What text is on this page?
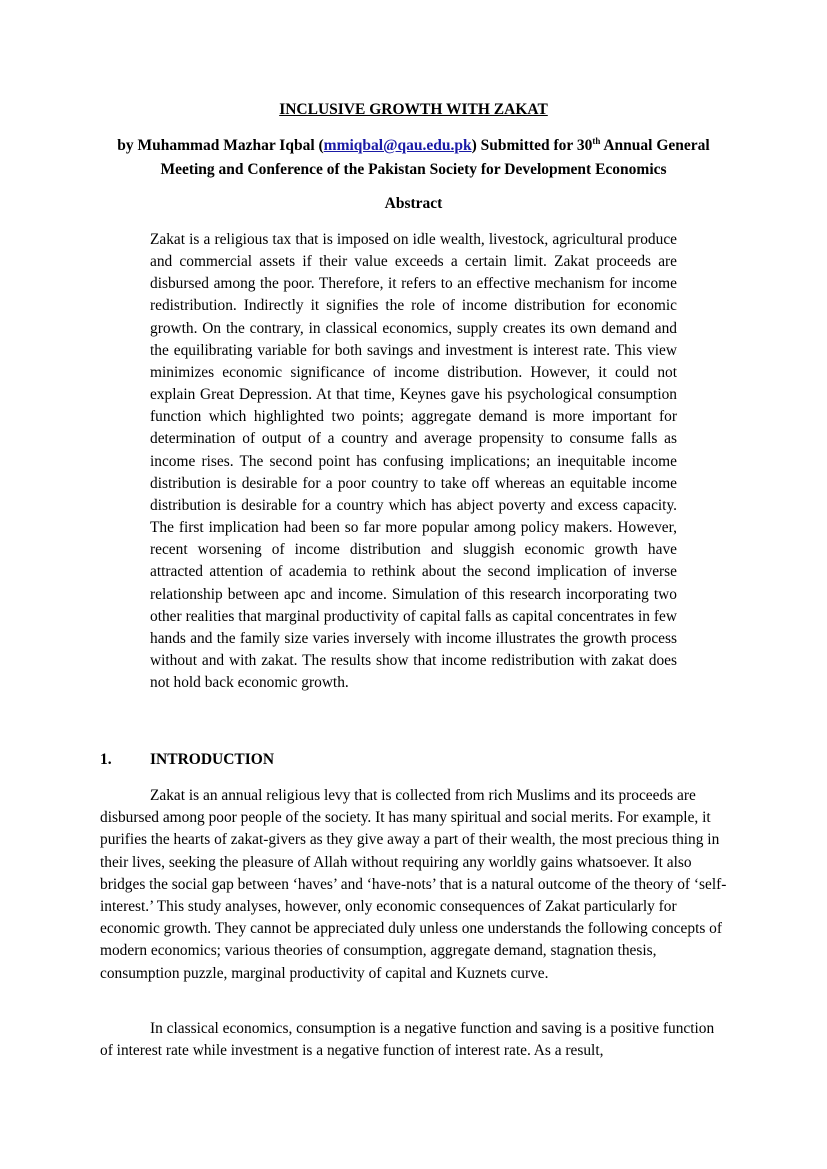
INCLUSIVE GROWTH WITH ZAKAT
by Muhammad Mazhar Iqbal (mmiqbal@qau.edu.pk) Submitted for 30th Annual General Meeting and Conference of the Pakistan Society for Development Economics
Abstract
Zakat is a religious tax that is imposed on idle wealth, livestock, agricultural produce and commercial assets if their value exceeds a certain limit. Zakat proceeds are disbursed among the poor. Therefore, it refers to an effective mechanism for income redistribution. Indirectly it signifies the role of income distribution for economic growth. On the contrary, in classical economics, supply creates its own demand and the equilibrating variable for both savings and investment is interest rate. This view minimizes economic significance of income distribution. However, it could not explain Great Depression. At that time, Keynes gave his psychological consumption function which highlighted two points; aggregate demand is more important for determination of output of a country and average propensity to consume falls as income rises. The second point has confusing implications; an inequitable income distribution is desirable for a poor country to take off whereas an equitable income distribution is desirable for a country which has abject poverty and excess capacity. The first implication had been so far more popular among policy makers. However, recent worsening of income distribution and sluggish economic growth have attracted attention of academia to rethink about the second implication of inverse relationship between apc and income. Simulation of this research incorporating two other realities that marginal productivity of capital falls as capital concentrates in few hands and the family size varies inversely with income illustrates the growth process without and with zakat. The results show that income redistribution with zakat does not hold back economic growth.
1. INTRODUCTION
Zakat is an annual religious levy that is collected from rich Muslims and its proceeds are disbursed among poor people of the society. It has many spiritual and social merits. For example, it purifies the hearts of zakat-givers as they give away a part of their wealth, the most precious thing in their lives, seeking the pleasure of Allah without requiring any worldly gains whatsoever. It also bridges the social gap between ‘haves’ and ‘have-nots’ that is a natural outcome of the theory of ‘self-interest.’ This study analyses, however, only economic consequences of Zakat particularly for economic growth. They cannot be appreciated duly unless one understands the following concepts of modern economics; various theories of consumption, aggregate demand, stagnation thesis, consumption puzzle, marginal productivity of capital and Kuznets curve.
In classical economics, consumption is a negative function and saving is a positive function of interest rate while investment is a negative function of interest rate. As a result,
